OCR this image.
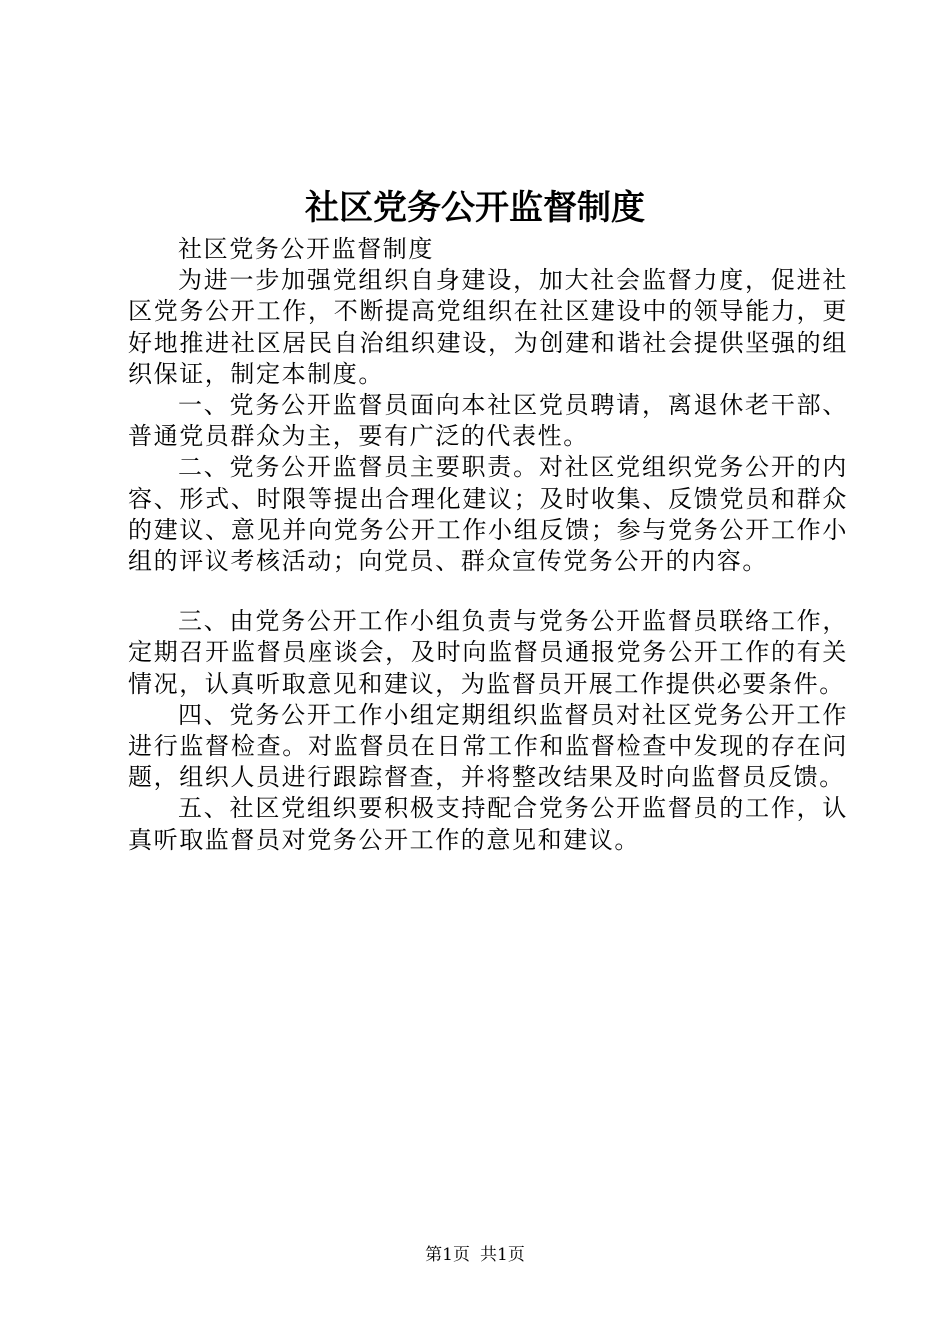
社区党务公开监督制度

社区党务公开监督制度

为进一步加强党组织自身建设，加大社会监督力度，促进社区党务公开工作，不断提高党组织在社区建设中的领导能力，更好地推进社区居民自治组织建设，为创建和谐社会提供坚强的组织保证，制定本制度。

一、党务公开监督员面向本社区党员聘请，离退休老干部、普通党员群众为主，要有广泛的代表性。

二、党务公开监督员主要职责。对社区党组织党务公开的内容、形式、时限等提出合理化建议；及时收集、反馈党员和群众的建议、意见并向党务公开工作小组反馈；参与党务公开工作小组的评议考核活动；向党员、群众宣传党务公开的内容。

三、由党务公开工作小组负责与党务公开监督员联络工作，定期召开监督员座谈会，及时向监督员通报党务公开工作的有关情况，认真听取意见和建议，为监督员开展工作提供必要条件。

四、党务公开工作小组定期组织监督员对社区党务公开工作进行监督检查。对监督员在日常工作和监督检查中发现的存在问题，组织人员进行跟踪督查，并将整改结果及时向监督员反馈。

五、社区党组织要积极支持配合党务公开监督员的工作，认真听取监督员对党务公开工作的意见和建议。

第1页 共1页
